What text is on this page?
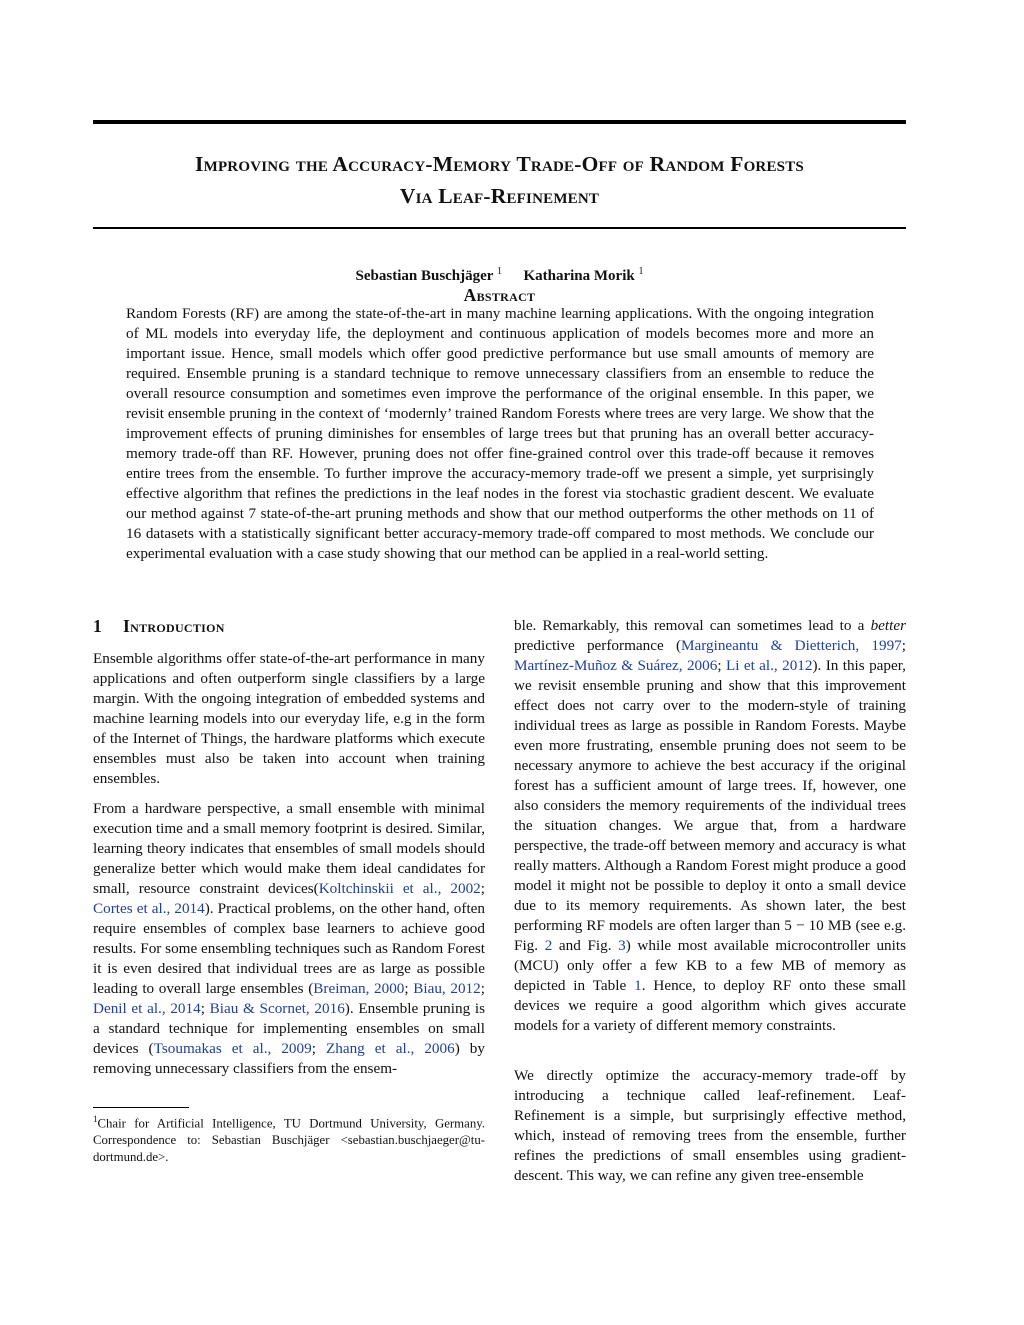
Improving the Accuracy-Memory Trade-Off of Random Forests
Via Leaf-Refinement
Sebastian Buschjäger $^1$ Katharina Morik $^1$
Abstract

Random Forests (RF) are among the state-of-the-art in many machine learning applications. With the ongoing integration of ML models into everyday life, the deployment and continuous application of models becomes more and more an important issue. Hence, small models which offer good predictive performance but use small amounts of memory are required. Ensemble pruning is a standard technique to remove unnecessary classifiers from an ensemble to reduce the overall resource consumption and sometimes even improve the performance of the original ensemble. In this paper, we revisit ensemble pruning in the context of ‘modernly’ trained Random Forests where trees are very large. We show that the improvement effects of pruning diminishes for ensembles of large trees but that pruning has an overall better accuracy-memory trade-off than RF. However, pruning does not offer fine-grained control over this trade-off because it removes entire trees from the ensemble. To further improve the accuracy-memory trade-off we present a simple, yet surprisingly effective algorithm that refines the predictions in the leaf nodes in the forest via stochastic gradient descent. We evaluate our method against 7 state-of-the-art pruning methods and show that our method outperforms the other methods on 11 of 16 datasets with a statistically significant better accuracy-memory trade-off compared to most methods. We conclude our experimental evaluation with a case study showing that our method can be applied in a real-world setting.

1 Introduction

Ensemble algorithms offer state-of-the-art performance in many applications and often outperform single classifiers by a large margin. With the ongoing integration of embedded systems and machine learning models into our everyday life, e.g in the form of the Internet of Things, the hardware platforms which execute ensembles must also be taken into account when training ensembles.

From a hardware perspective, a small ensemble with minimal execution time and a small memory footprint is desired. Similar, learning theory indicates that ensembles of small models should generalize better which would make them ideal candidates for small, resource constraint devices(Koltchinskii et al., 2002; Cortes et al., 2014). Practical problems, on the other hand, often require ensembles of complex base learners to achieve good results. For some ensembling techniques such as Random Forest it is even desired that individual trees are as large as possible leading to overall large ensembles (Breiman, 2000; Biau, 2012; Denil et al., 2014; Biau & Scornet, 2016). Ensemble pruning is a standard technique for implementing ensembles on small devices (Tsoumakas et al., 2009; Zhang et al., 2006) by removing unnecessary classifiers from the ensem-

$^1$Chair for Artificial Intelligence, TU Dortmund University, Germany. Correspondence to: Sebastian Buschjäger <sebastian.buschjaeger@tu-dortmund.de>.

ble. Remarkably, this removal can sometimes lead to a better predictive performance (Margineantu & Dietterich, 1997; Martínez-Muñoz & Suárez, 2006; Li et al., 2012). In this paper, we revisit ensemble pruning and show that this improvement effect does not carry over to the modern-style of training individual trees as large as possible in Random Forests. Maybe even more frustrating, ensemble pruning does not seem to be necessary anymore to achieve the best accuracy if the original forest has a sufficient amount of large trees. If, however, one also considers the memory requirements of the individual trees the situation changes. We argue that, from a hardware perspective, the trade-off between memory and accuracy is what really matters. Although a Random Forest might produce a good model it might not be possible to deploy it onto a small device due to its memory requirements. As shown later, the best performing RF models are often larger than 5 − 10 MB (see e.g. Fig. 2 and Fig. 3) while most available microcontroller units (MCU) only offer a few KB to a few MB of memory as depicted in Table 1. Hence, to deploy RF onto these small devices we require a good algorithm which gives accurate models for a variety of different memory constraints.

We directly optimize the accuracy-memory trade-off by introducing a technique called leaf-refinement. Leaf-Refinement is a simple, but surprisingly effective method, which, instead of removing trees from the ensemble, further refines the predictions of small ensembles using gradient-descent. This way, we can refine any given tree-ensemble
